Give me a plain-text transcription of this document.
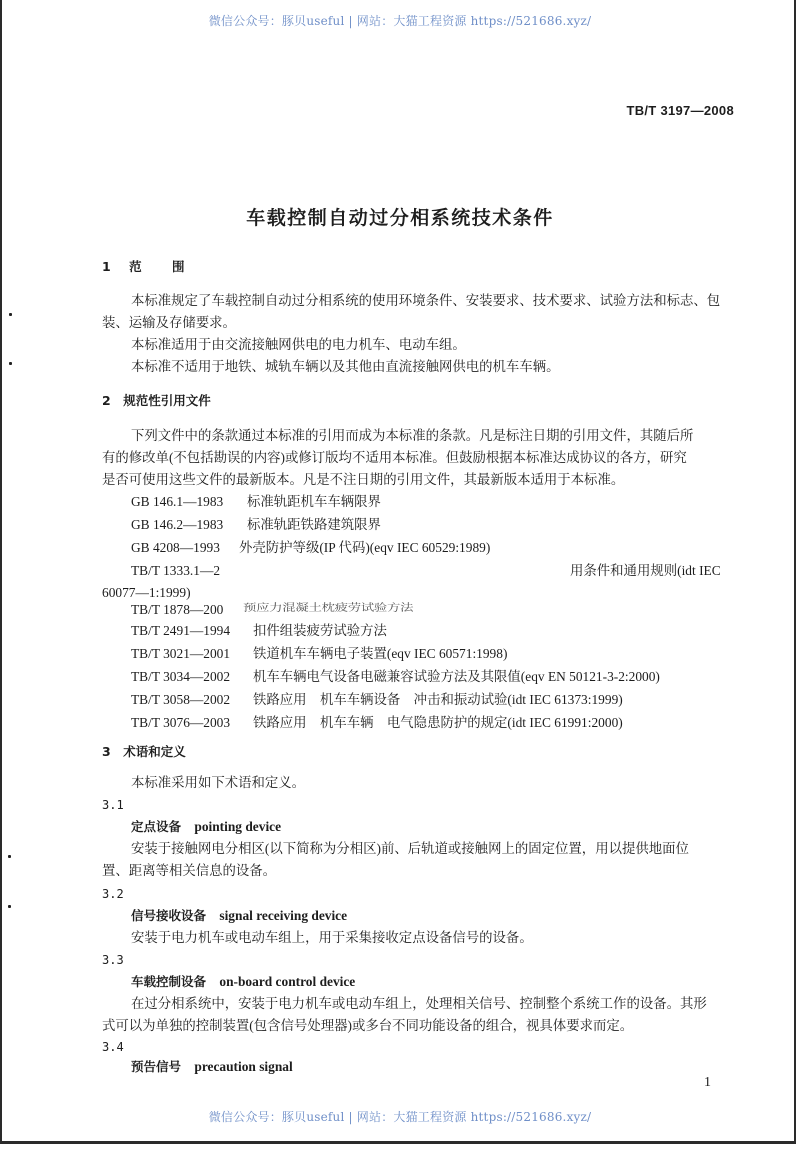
微信公众号：豚贝useful | 网站：大猫工程资源 https://521686.xyz/
TB/T 3197—2008
车载控制自动过分相系统技术条件
1 范 围
本标准规定了车载控制自动过分相系统的使用环境条件、安装要求、技术要求、试验方法和标志、包
装、运输及存储要求。
本标准适用于由交流接触网供电的电力机车、电动车组。
本标准不适用于地铁、城轨车辆以及其他由直流接触网供电的机车车辆。
2　规范性引用文件
下列文件中的条款通过本标准的引用而成为本标准的条款。凡是标注日期的引用文件，其随后所
有的修改单(不包括勘误的内容)或修订版均不适用本标准。但鼓励根据本标准达成协议的各方，研究
是否可使用这些文件的最新版本。凡是不注日期的引用文件，其最新版本适用于本标准。
GB 146.1—1983 标准轨距机车车辆限界
GB 146.2—1983 标准轨距铁路建筑限界
GB 4208—1993 外壳防护等级(IP 代码)(eqv IEC 60529:1989)
TB/T 1333.1—2	用条件和通用规则(idt IEC
60077—1:1999)
TB/T 1878—200 预应力混凝土枕疲劳试验方法
TB/T 2491—1994 扣件组装疲劳试验方法
TB/T 3021—2001 铁道机车车辆电子装置(eqv IEC 60571:1998)
TB/T 3034—2002 机车车辆电气设备电磁兼容试验方法及其限值(eqv EN 50121-3-2:2000)
TB/T 3058—2002 铁路应用　机车车辆设备　冲击和振动试验(idt IEC 61373:1999)
TB/T 3076—2003 铁路应用　机车车辆　电气隐患防护的规定(idt IEC 61991:2000)
3　术语和定义
本标准采用如下术语和定义。
3.1
定点设备 pointing device
安装于接触网电分相区(以下简称为分相区)前、后轨道或接触网上的固定位置，用以提供地面位
置、距离等相关信息的设备。
3.2
信号接收设备 signal receiving device
安装于电力机车或电动车组上，用于采集接收定点设备信号的设备。
3.3
车载控制设备 on-board control device
在过分相系统中，安装于电力机车或电动车组上，处理相关信号、控制整个系统工作的设备。其形
式可以为单独的控制装置(包含信号处理器)或多台不同功能设备的组合，视具体要求而定。
3.4
预告信号 precaution signal
1
微信公众号：豚贝useful | 网站：大猫工程资源 https://521686.xyz/
